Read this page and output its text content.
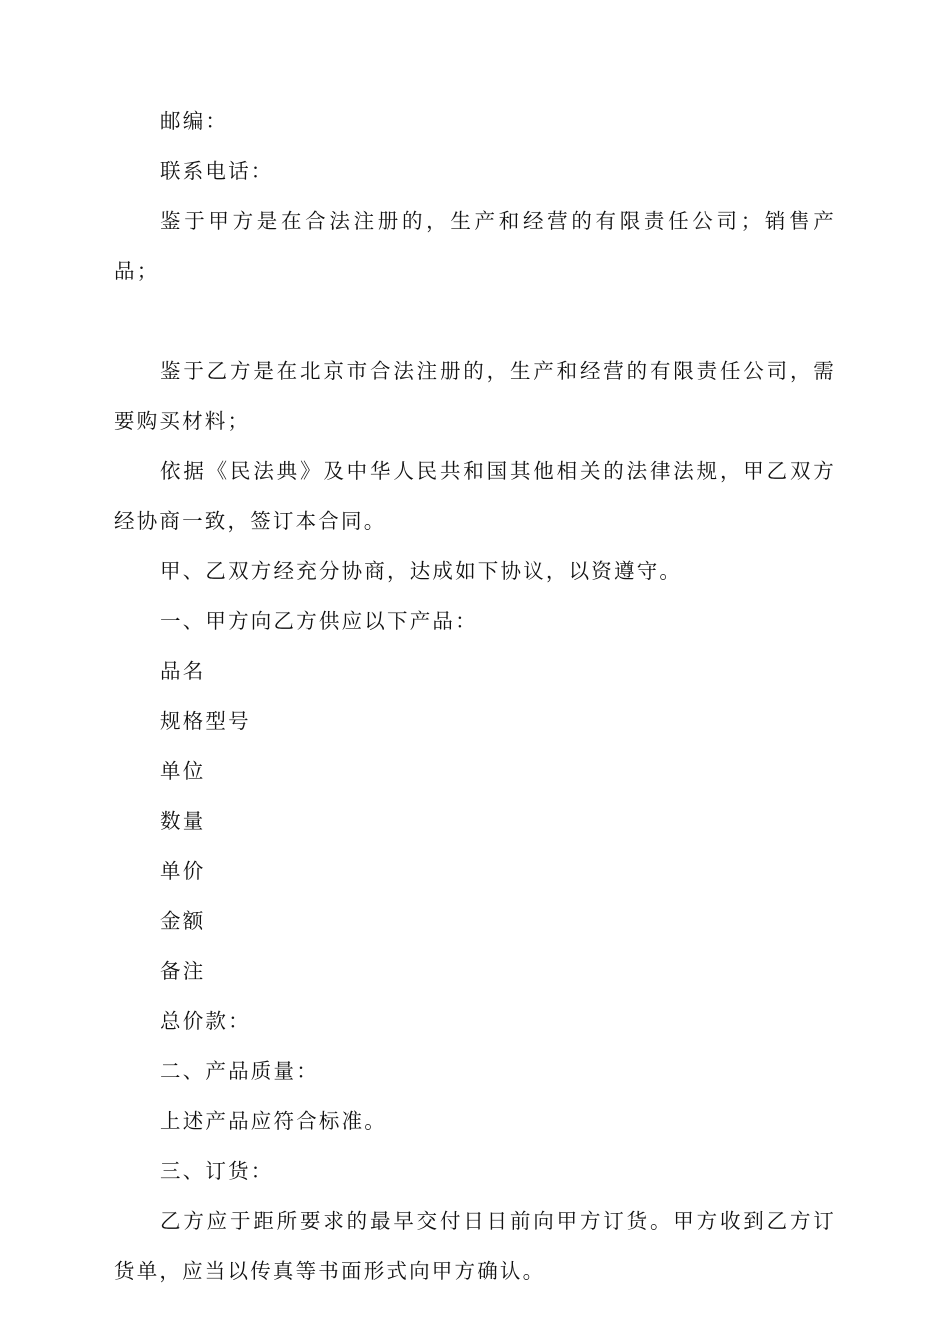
邮编：

联系电话：

鉴于甲方是在合法注册的，生产和经营的有限责任公司；销售产品；

鉴于乙方是在北京市合法注册的，生产和经营的有限责任公司，需要购买材料；

依据《民法典》及中华人民共和国其他相关的法律法规，甲乙双方经协商一致，签订本合同。

甲、乙双方经充分协商，达成如下协议，以资遵守。

一、甲方向乙方供应以下产品：

品名

规格型号

单位

数量

单价

金额

备注

总价款：

二、产品质量：

上述产品应符合标准。

三、订货：

乙方应于距所要求的最早交付日日前向甲方订货。甲方收到乙方订货单，应当以传真等书面形式向甲方确认。
